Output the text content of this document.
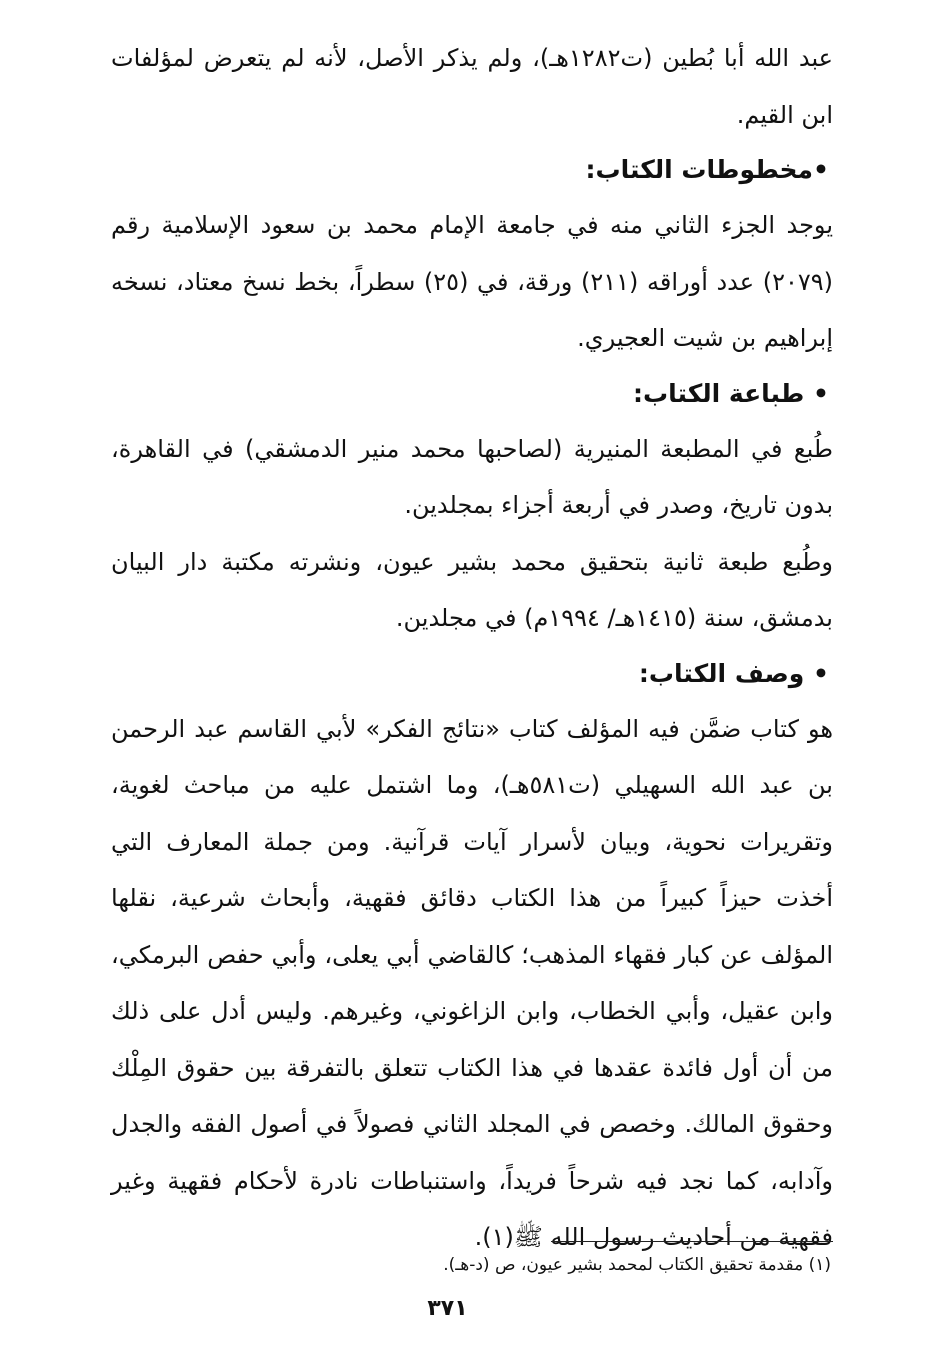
عبد الله أبا بُطين (ت١٢٨٢هـ)، ولم يذكر الأصل، لأنه لم يتعرض لمؤلفات ابن القيم.

•مخطوطات الكتاب:

يوجد الجزء الثاني منه في جامعة الإمام محمد بن سعود الإسلامية رقم (٢٠٧٩) عدد أوراقه (٢١١) ورقة، في (٢٥) سطراً، بخط نسخ معتاد، نسخه إبراهيم بن شيت العجيري.

• طباعة الكتاب:

طُبع في المطبعة المنيرية (لصاحبها محمد منير الدمشقي) في القاهرة، بدون تاريخ، وصدر في أربعة أجزاء بمجلدين.

وطُبع طبعة ثانية بتحقيق محمد بشير عيون، ونشرته مكتبة دار البيان بدمشق، سنة (١٤١٥هـ/ ١٩٩٤م) في مجلدين.

• وصف الكتاب:

هو كتاب ضمَّن فيه المؤلف كتاب «نتائج الفكر» لأبي القاسم عبد الرحمن بن عبد الله السهيلي (ت٥٨١هـ)، وما اشتمل عليه من مباحث لغوية، وتقريرات نحوية، وبيان لأسرار آيات قرآنية. ومن جملة المعارف التي أخذت حيزاً كبيراً من هذا الكتاب دقائق فقهية، وأبحاث شرعية، نقلها المؤلف عن كبار فقهاء المذهب؛ كالقاضي أبي يعلى، وأبي حفص البرمكي، وابن عقيل، وأبي الخطاب، وابن الزاغوني، وغيرهم. وليس أدل على ذلك من أن أول فائدة عقدها في هذا الكتاب تتعلق بالتفرقة بين حقوق المِلْك وحقوق المالك. وخصص في المجلد الثاني فصولاً في أصول الفقه والجدل وآدابه، كما نجد فيه شرحاً فريداً، واستنباطات نادرة لأحكام فقهية وغير فقهية من أحاديث رسول الله ﷺ(١).

(١) مقدمة تحقيق الكتاب لمحمد بشير عيون، ص (د-هـ).

٣٧١
